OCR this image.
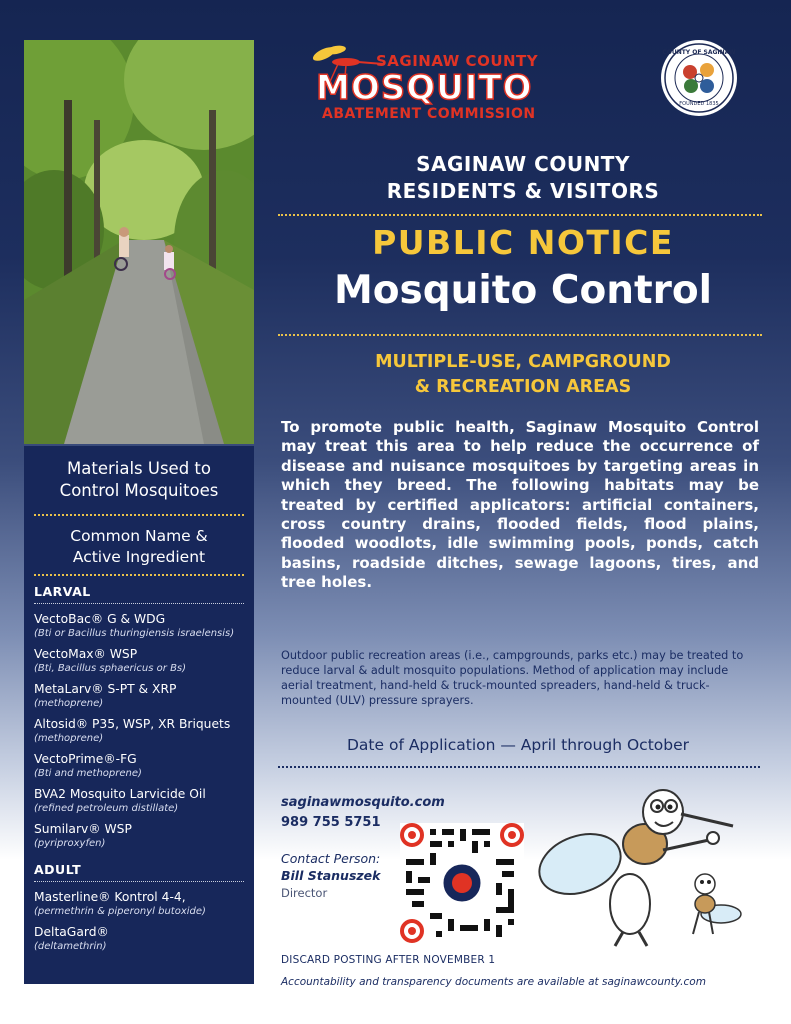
Materials Used to
Control Mosquitoes
Common Name &
Active Ingredient
LARVAL
VectoBac® G & WDG
(Bti or Bacillus thuringiensis israelensis)
VectoMax® WSP
(Bti, Bacillus sphaericus or Bs)
MetaLarv® S-PT & XRP
(methoprene)
Altosid® P35, WSP, XR Briquets
(methoprene)
VectoPrime®-FG
(Bti and methoprene)
BVA2 Mosquito Larvicide Oil
(refined petroleum distillate)
Sumilarv® WSP
(pyriproxyfen)
ADULT
Masterline® Kontrol 4-4,
(permethrin & piperonyl butoxide)
DeltaGard®
(deltamethrin)
SAGINAW COUNTY
MOSQUITO
ABATEMENT COMMISSION
COUNTY OF SAGINAW
FOUNDED 1835
SAGINAW COUNTY
RESIDENTS & VISITORS
PUBLIC NOTICE
Mosquito Control
MULTIPLE-USE, CAMPGROUND
& RECREATION AREAS
To promote public health, Saginaw Mosquito Control may treat this area to help reduce the occurrence of disease and nuisance mosquitoes by targeting areas in which they breed. The following habitats may be treated by certified applicators: artificial containers, cross country drains, flooded fields, flood plains, flooded woodlots, idle swimming pools, ponds, catch basins, roadside ditches, sewage lagoons, tires, and tree holes.
Outdoor public recreation areas (i.e., campgrounds, parks etc.) may be treated to reduce larval & adult mosquito populations. Method of application may include aerial treatment, hand-held & truck-mounted spreaders, hand-held & truck-mounted (ULV) pressure sprayers.
Date of Application — April through October
saginawmosquito.com
989 755 5751
Contact Person:
Bill Stanuszek
Director
DISCARD POSTING AFTER NOVEMBER 1
Accountability and transparency documents are available at saginawcounty.com
